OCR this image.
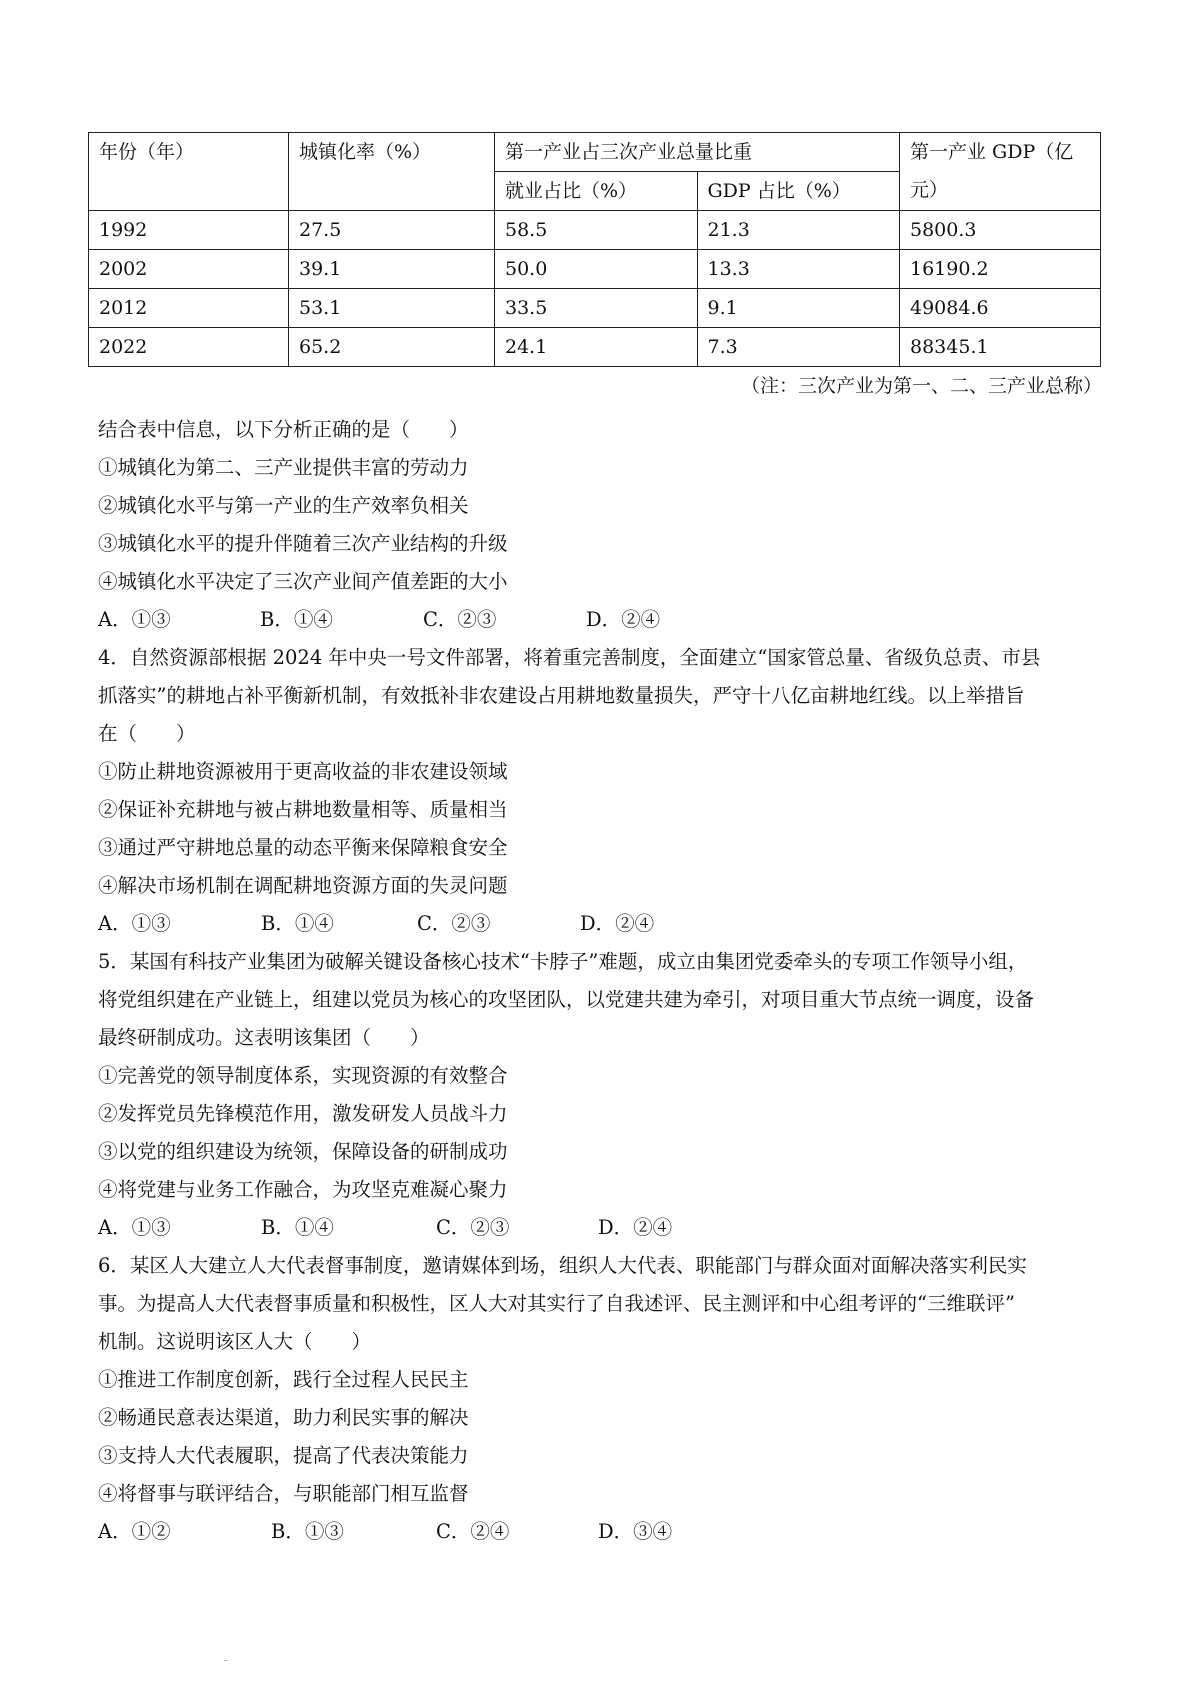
年份（年）	城镇化率（%）	第一产业占三次产业总量比重		第一产业 GDP（亿元）
		就业占比（%）	GDP 占比（%）	
1992	27.5	58.5	21.3	5800.3
2002	39.1	50.0	13.3	16190.2
2012	53.1	33.5	9.1	49084.6
2022	65.2	24.1	7.3	88345.1
（注：三次产业为第一、二、三产业总称）
结合表中信息，以下分析正确的是（　　）
①城镇化为第二、三产业提供丰富的劳动力
②城镇化水平与第一产业的生产效率负相关
③城镇化水平的提升伴随着三次产业结构的升级
④城镇化水平决定了三次产业间产值差距的大小
A．①③	B．①④	C．②③	D．②④
4．自然资源部根据 2024 年中央一号文件部署，将着重完善制度，全面建立“国家管总量、省级负总责、市县
抓落实”的耕地占补平衡新机制，有效抵补非农建设占用耕地数量损失，严守十八亿亩耕地红线。以上举措旨
在（　　）
①防止耕地资源被用于更高收益的非农建设领域
②保证补充耕地与被占耕地数量相等、质量相当
③通过严守耕地总量的动态平衡来保障粮食安全
④解决市场机制在调配耕地资源方面的失灵问题
A．①③	B．①④	C．②③	D．②④
5．某国有科技产业集团为破解关键设备核心技术“卡脖子”难题，成立由集团党委牵头的专项工作领导小组，
将党组织建在产业链上，组建以党员为核心的攻坚团队，以党建共建为牵引，对项目重大节点统一调度，设备
最终研制成功。这表明该集团（　　）
①完善党的领导制度体系，实现资源的有效整合
②发挥党员先锋模范作用，激发研发人员战斗力
③以党的组织建设为统领，保障设备的研制成功
④将党建与业务工作融合，为攻坚克难凝心聚力
A．①③	B．①④	C．②③	D．②④
6．某区人大建立人大代表督事制度，邀请媒体到场，组织人大代表、职能部门与群众面对面解决落实利民实
事。为提高人大代表督事质量和积极性，区人大对其实行了自我述评、民主测评和中心组考评的“三维联评”
机制。这说明该区人大（　　）
①推进工作制度创新，践行全过程人民民主
②畅通民意表达渠道，助力利民实事的解决
③支持人大代表履职，提高了代表决策能力
④将督事与联评结合，与职能部门相互监督
A．①②	B．①③	C．②④	D．③④
